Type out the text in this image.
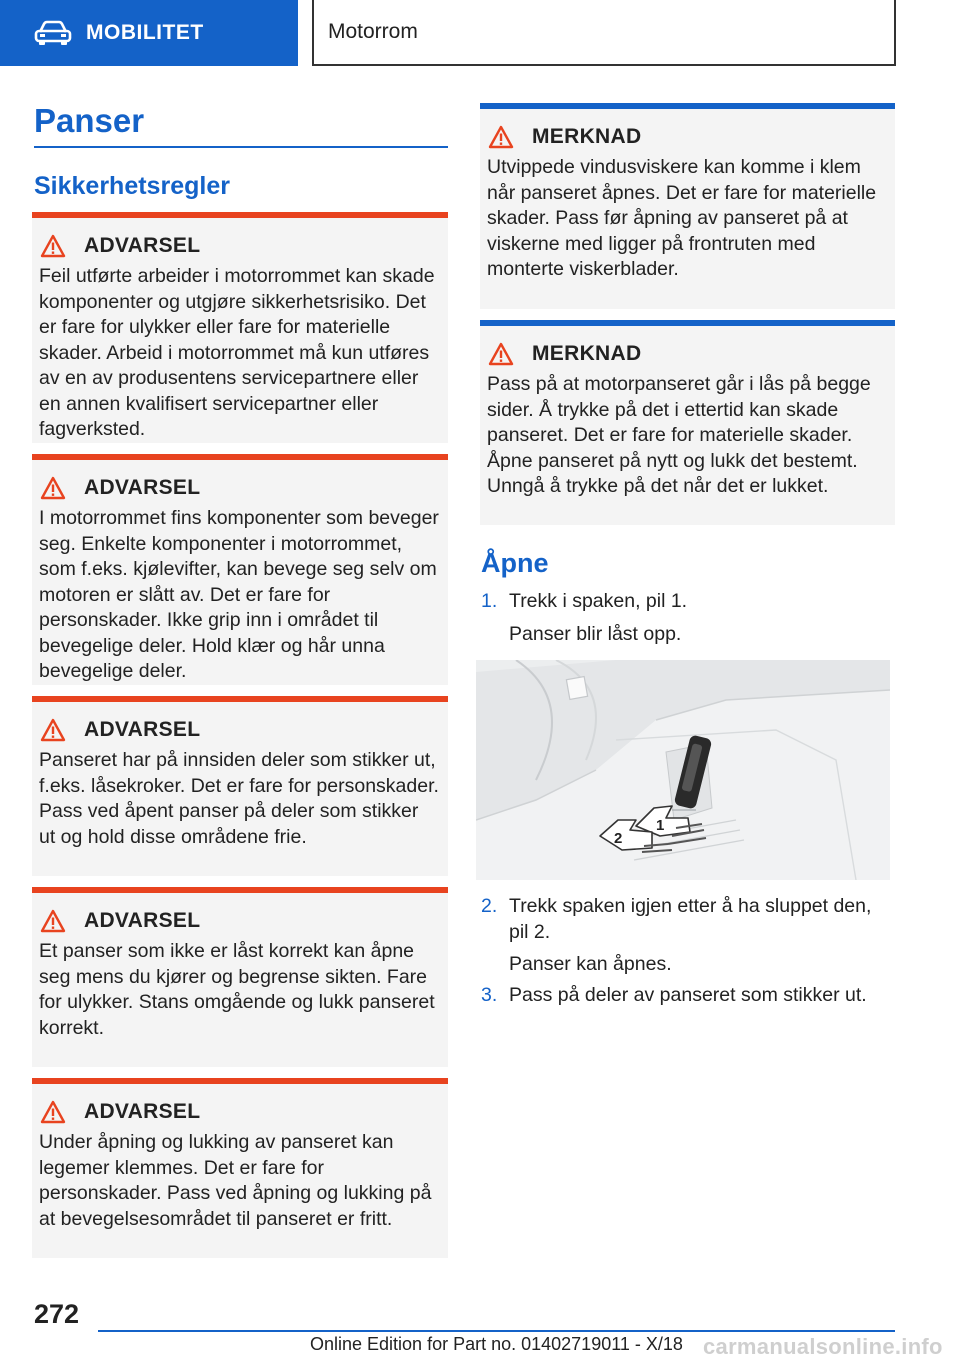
MOBILITET	Motorrom
Panser
Sikkerhetsregler
ADVARSEL
Feil utførte arbeider i motorrommet kan skade komponenter og utgjøre sikkerhetsrisiko. Det er fare for ulykker eller fare for materielle skader. Arbeid i motorrommet må kun utføres av en av produsentens servicepartnere eller en annen kvalifisert servicepartner eller fagverksted.
ADVARSEL
I motorrommet fins komponenter som beveger seg. Enkelte komponenter i motorrommet, som f.eks. kjølevifter, kan bevege seg selv om motoren er slått av. Det er fare for personskader. Ikke grip inn i området til bevegelige deler. Hold klær og hår unna bevegelige deler.
ADVARSEL
Panseret har på innsiden deler som stikker ut, f.eks. låsekroker. Det er fare for personskader. Pass ved åpent panser på deler som stikker ut og hold disse områdene frie.
ADVARSEL
Et panser som ikke er låst korrekt kan åpne seg mens du kjører og begrense sikten. Fare for ulykker. Stans omgående og lukk panseret korrekt.
ADVARSEL
Under åpning og lukking av panseret kan legemer klemmes. Det er fare for personskader. Pass ved åpning og lukking på at bevegelsesområdet til panseret er fritt.
MERKNAD
Utvippede vindusviskere kan komme i klem når panseret åpnes. Det er fare for materielle skader. Pass før åpning av panseret på at viskerne med ligger på frontruten med monterte viskerblader.
MERKNAD
Pass på at motorpanseret går i lås på begge sider. Å trykke på det i ettertid kan skade panseret. Det er fare for materielle skader. Åpne panseret på nytt og lukk det bestemt. Unngå å trykke på det når det er lukket.
Åpne
1. Trekk i spaken, pil 1.

Panser blir låst opp.

1
2
2. Trekk spaken igjen etter å ha sluppet den, pil 2.

Panser kan åpnes.

3. Pass på deler av panseret som stikker ut.

272
Online Edition for Part no. 01402719011 - X/18 carmanualsonline.info
